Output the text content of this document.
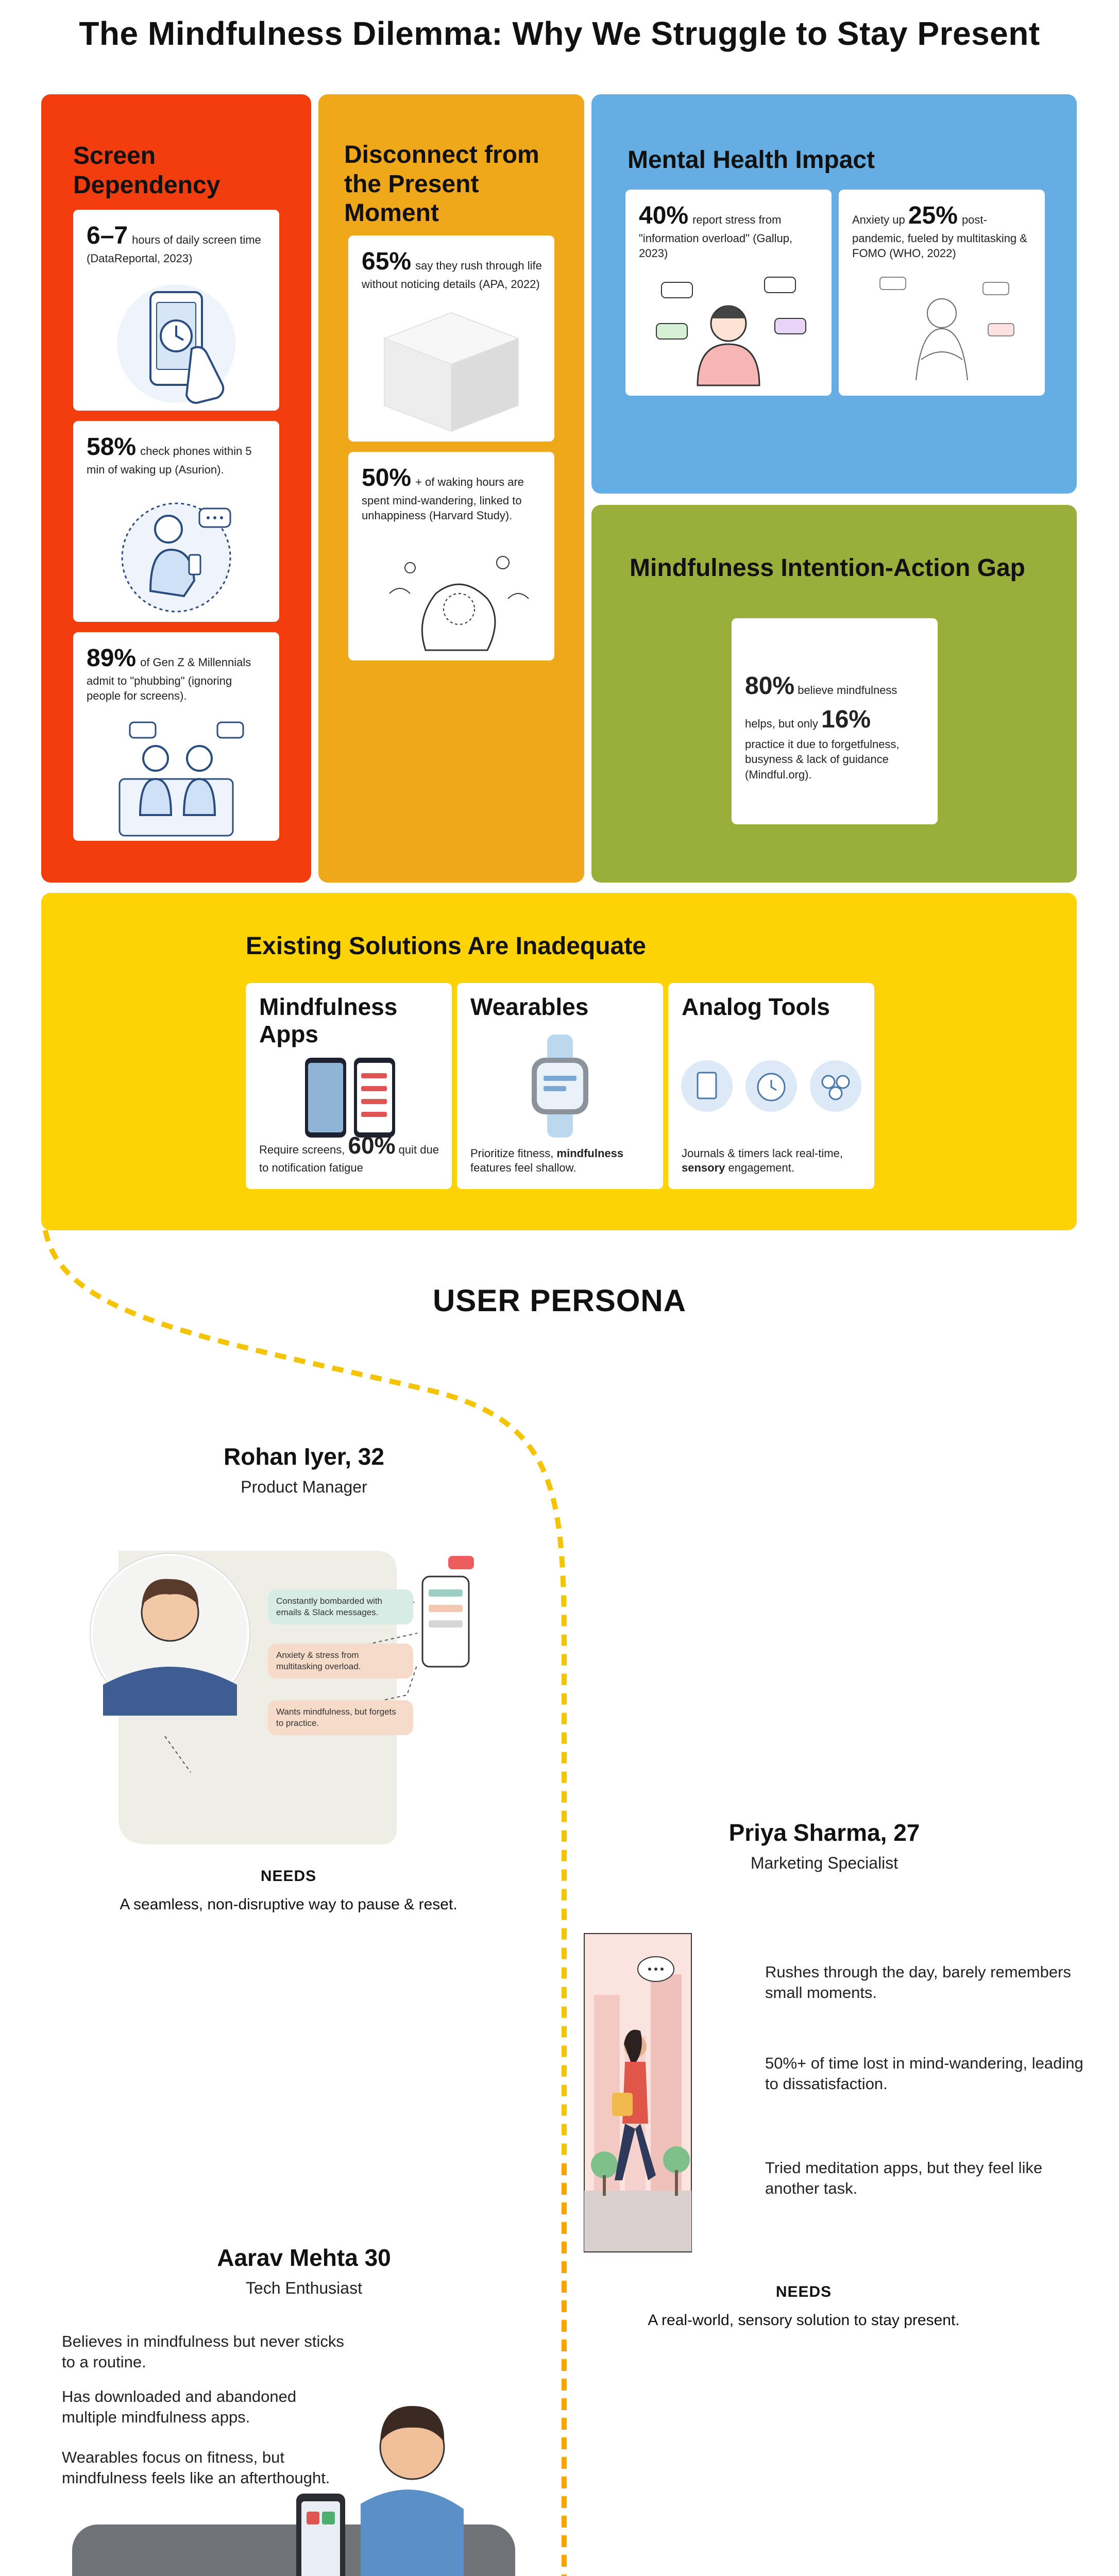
The Mindfulness Dilemma: Why We Struggle to Stay Present
Screen Dependency
6–7 hours of daily screen time (DataReportal, 2023)
58% check phones within 5 min of waking up (Asurion).
89% of Gen Z & Millennials admit to "phubbing" (ignoring people for screens).
Disconnect from the Present Moment
65% say they rush through life without noticing details (APA, 2022)
50% + of waking hours are spent mind-wandering, linked to unhappiness (Harvard Study).
Mental Health Impact
40% report stress from "information overload" (Gallup, 2023)
Anxiety up 25% post-pandemic, fueled by multitasking & FOMO (WHO, 2022)
Mindfulness Intention-Action Gap
80% believe mindfulness helps, but only 16%
practice it due to forgetfulness, busyness & lack of guidance (Mindful.org).
Existing Solutions Are Inadequate
Mindfulness Apps
Require screens, 60% quit due to notification fatigue
Wearables
Prioritize fitness, mindfulness features feel shallow.
Analog Tools
Journals & timers lack real-time, sensory engagement.
USER PERSONA
Rohan Iyer, 32
Product Manager
Constantly bombarded with emails & Slack messages.
Anxiety & stress from multitasking overload.
Wants mindfulness, but forgets to practice.
NEEDS
A seamless, non-disruptive way to pause & reset.
Priya Sharma, 27
Marketing Specialist
Rushes through the day, barely remembers small moments.
50%+ of time lost in mind-wandering, leading to dissatisfaction.
Tried meditation apps, but they feel like another task.
NEEDS
A real-world, sensory solution to stay present.
Aarav Mehta 30
Tech Enthusiast
Believes in mindfulness but never sticks to a routine.
Has downloaded and abandoned multiple mindfulness apps.
Wearables focus on fitness, but mindfulness feels like an afterthought.
